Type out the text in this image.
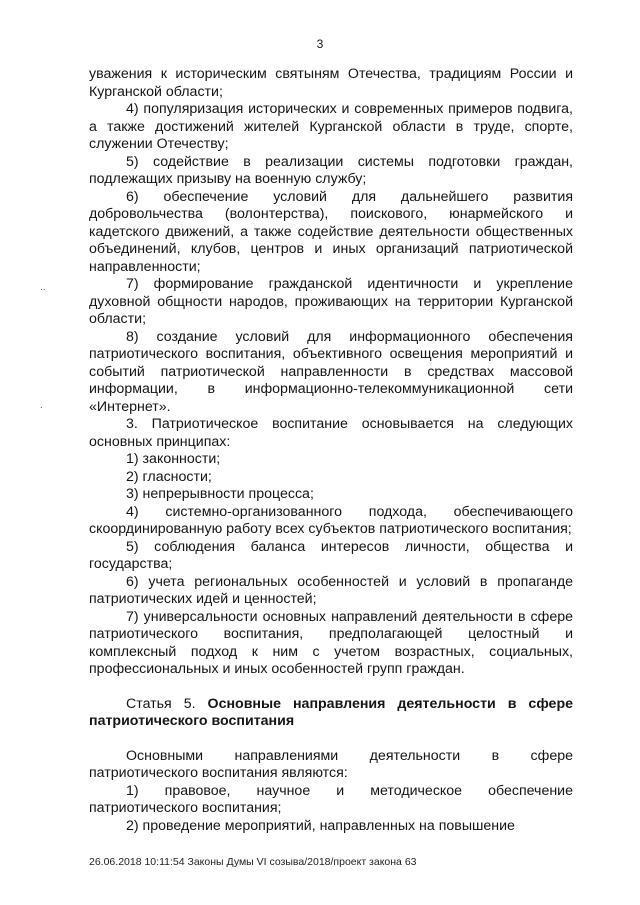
3
..
.

уважения к историческим святыням Отечества, традициям России и Курганской области;

4) популяризация исторических и современных примеров подвига, а также достижений жителей Курганской области в труде, спорте, служении Отечеству;

5) содействие в реализации системы подготовки граждан, подлежащих призыву на военную службу;

6) обеспечение условий для дальнейшего развития добровольчества (волонтерства), поискового, юнармейского и кадетского движений, а также содействие деятельности общественных объединений, клубов, центров и иных организаций патриотической направленности;

7) формирование гражданской идентичности и укрепление духовной общности народов, проживающих на территории Курганской области;

8) создание условий для информационного обеспечения патриотического воспитания, объективного освещения мероприятий и событий патриотической направленности в средствах массовой информации, в информационно-телекоммуникационной сети «Интернет».

3. Патриотическое воспитание основывается на следующих основных принципах:

1) законности;

2) гласности;

3) непрерывности процесса;

4) системно-организованного подхода, обеспечивающего скоординированную работу всех субъектов патриотического воспитания;

5) соблюдения баланса интересов личности, общества и государства;

6) учета региональных особенностей и условий в пропаганде патриотических идей и ценностей;

7) универсальности основных направлений деятельности в сфере патриотического воспитания, предполагающей целостный и комплексный подход к ним с учетом возрастных, социальных, профессиональных и иных особенностей групп граждан.

Статья 5. Основные направления деятельности в сфере патриотического воспитания

Основными направлениями деятельности в сфере патриотического воспитания являются:

1) правовое, научное и методическое обеспечение патриотического воспитания;

2) проведение мероприятий, направленных на повышение

26.06.2018 10:11:54 Законы Думы VI созыва/2018/проект закона 63
